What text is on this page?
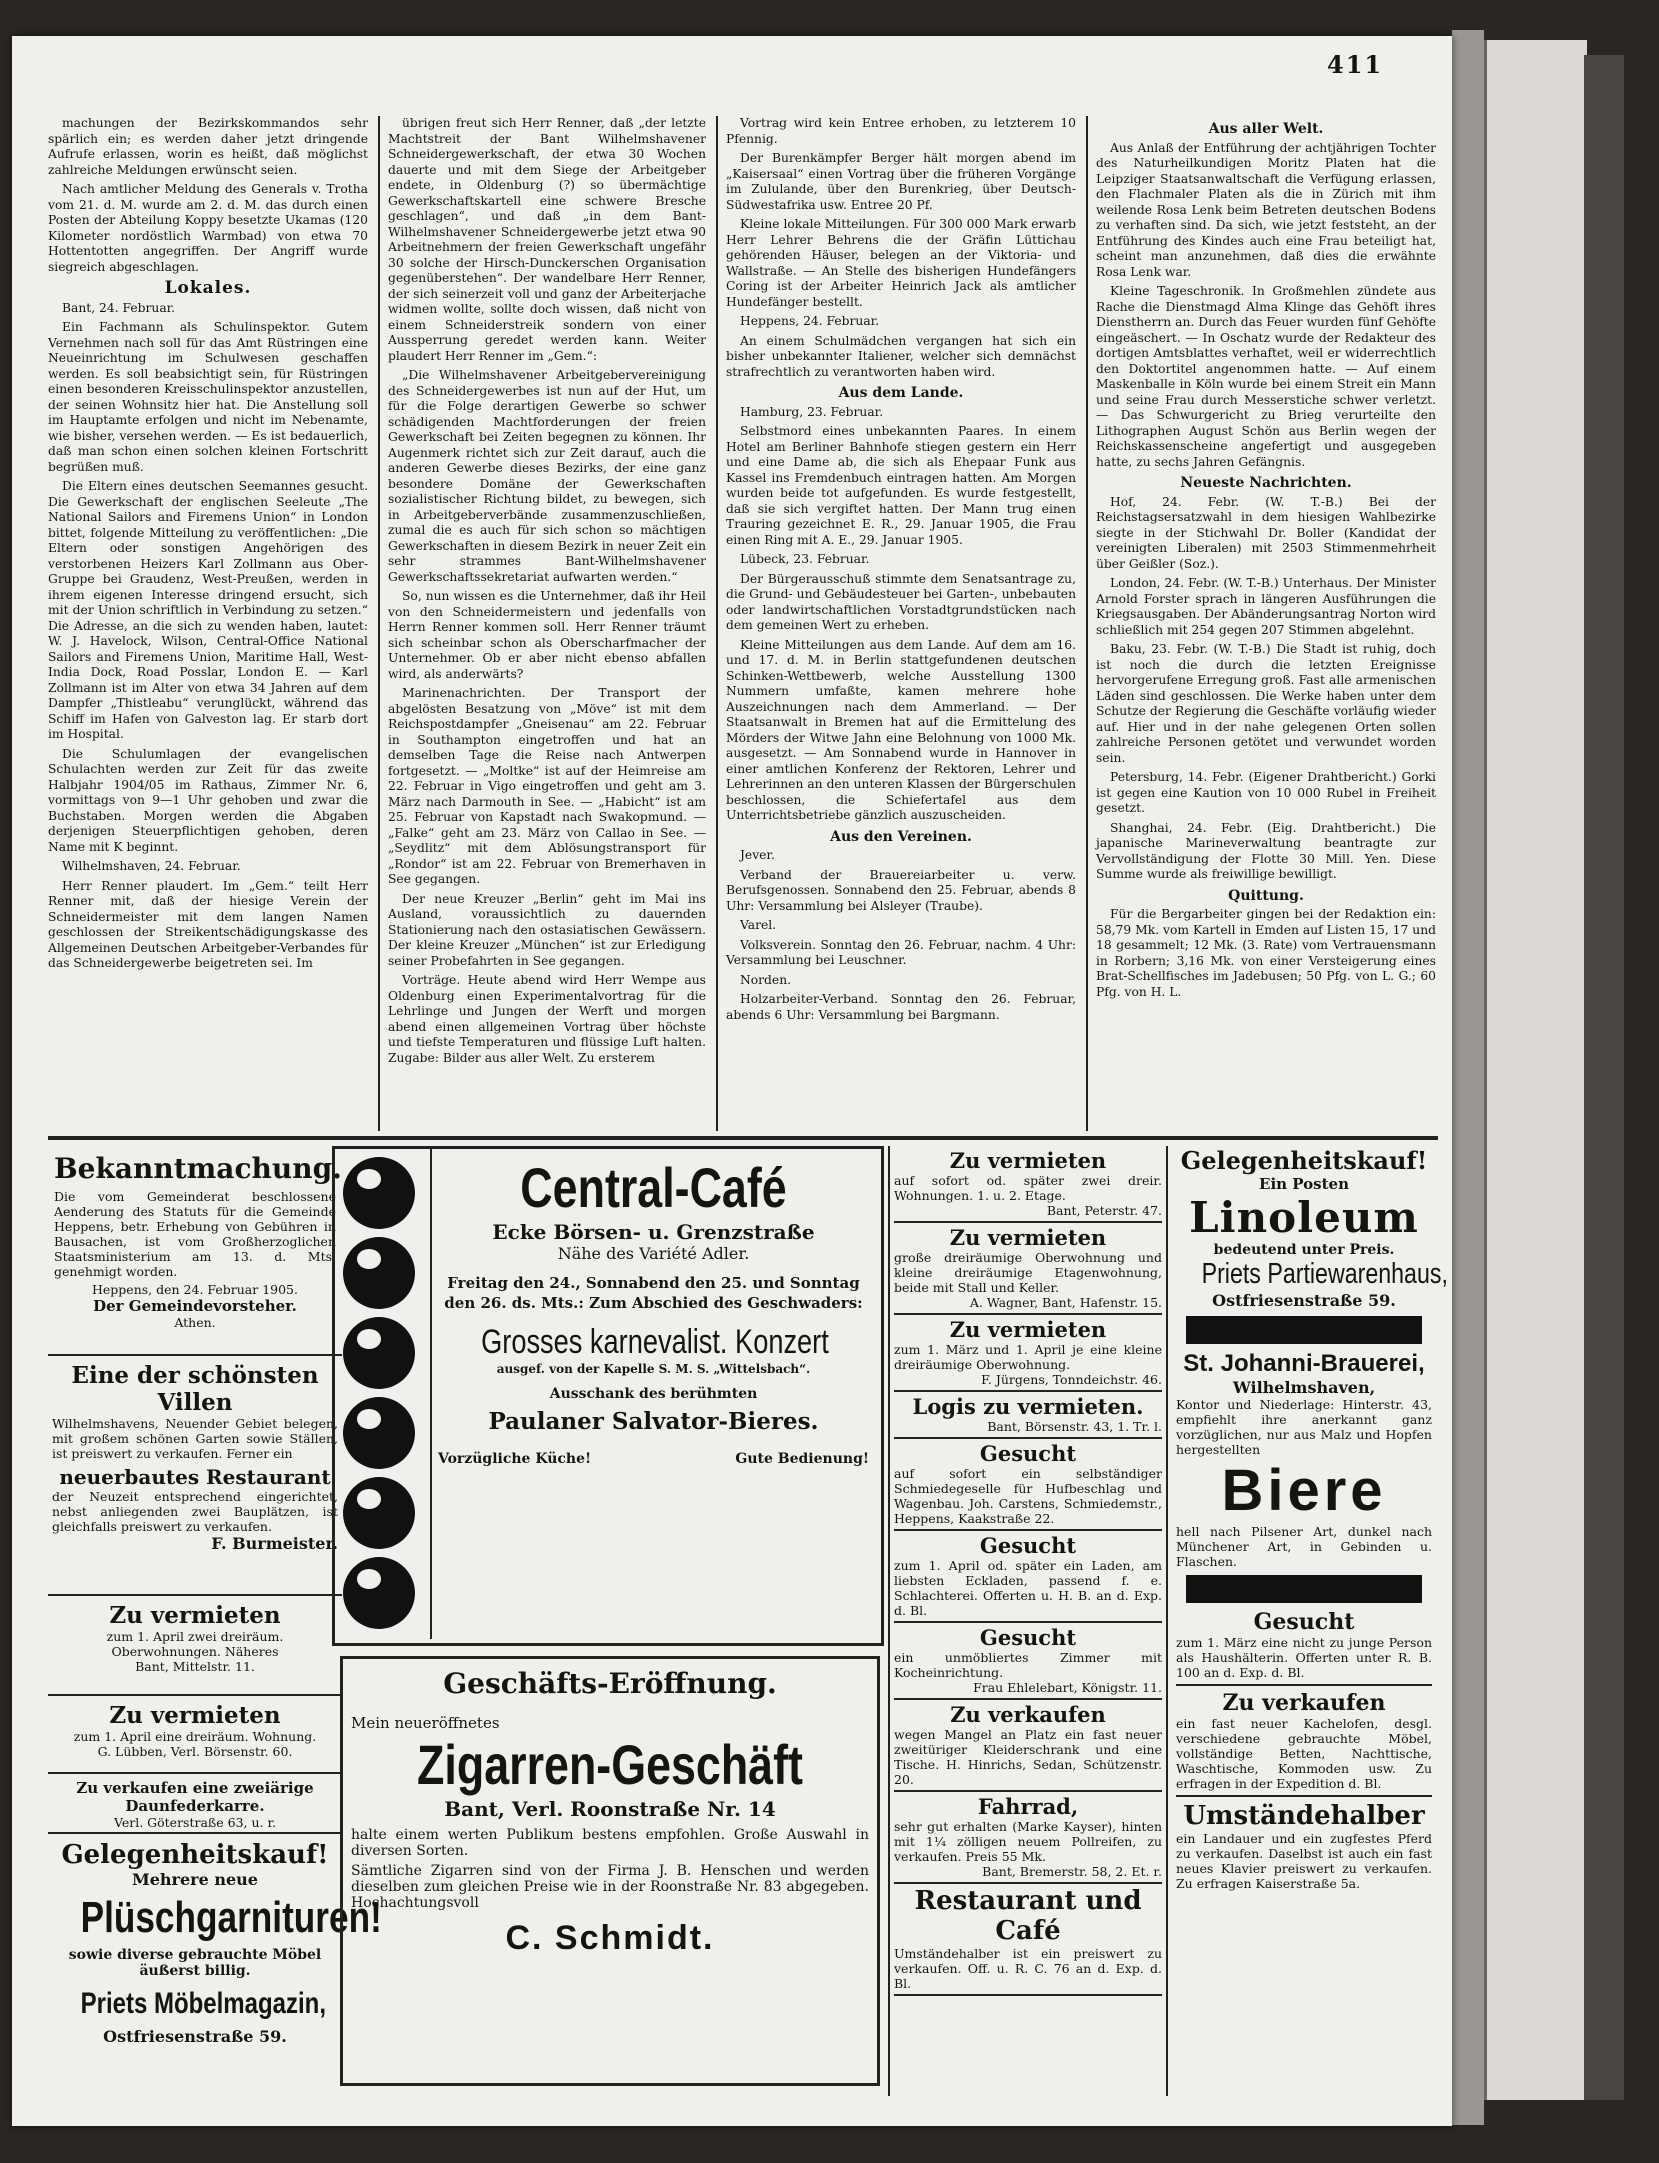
411

machungen der Bezirkskommandos sehr spärlich ein; es werden daher jetzt dringende Aufrufe erlassen, worin es heißt, daß möglichst zahlreiche Meldungen erwünscht seien.

Nach amtlicher Meldung des Generals v. Trotha vom 21. d. M. wurde am 2. d. M. das durch einen Posten der Abteilung Koppy besetzte Ukamas (120 Kilometer nordöstlich Warmbad) von etwa 70 Hottentotten angegriffen. Der Angriff wurde siegreich abgeschlagen.

Lokales.

Bant, 24. Februar.

Ein Fachmann als Schulinspektor. Gutem Vernehmen nach soll für das Amt Rüstringen eine Neueinrichtung im Schulwesen geschaffen werden. Es soll beabsichtigt sein, für Rüstringen einen besonderen Kreisschulinspektor anzustellen, der seinen Wohnsitz hier hat. Die Anstellung soll im Hauptamte erfolgen und nicht im Nebenamte, wie bisher, versehen werden. — Es ist bedauerlich, daß man schon einen solchen kleinen Fortschritt begrüßen muß.

Die Eltern eines deutschen Seemannes gesucht. Die Gewerkschaft der englischen Seeleute „The National Sailors and Firemens Union“ in London bittet, folgende Mitteilung zu veröffentlichen: „Die Eltern oder sonstigen Angehörigen des verstorbenen Heizers Karl Zollmann aus Ober-Gruppe bei Graudenz, West-Preußen, werden in ihrem eigenen Interesse dringend ersucht, sich mit der Union schriftlich in Verbindung zu setzen.“ Die Adresse, an die sich zu wenden haben, lautet: W. J. Havelock, Wilson, Central-Office National Sailors and Firemens Union, Maritime Hall, West-India Dock, Road Posslar, London E. — Karl Zollmann ist im Alter von etwa 34 Jahren auf dem Dampfer „Thistleabu“ verunglückt, während das Schiff im Hafen von Galveston lag. Er starb dort im Hospital.

Die Schulumlagen der evangelischen Schulachten werden zur Zeit für das zweite Halbjahr 1904/05 im Rathaus, Zimmer Nr. 6, vormittags von 9—1 Uhr gehoben und zwar die Buchstaben. Morgen werden die Abgaben derjenigen Steuerpflichtigen gehoben, deren Name mit K beginnt.

Wilhelmshaven, 24. Februar.

Herr Renner plaudert. Im „Gem.“ teilt Herr Renner mit, daß der hiesige Verein der Schneidermeister mit dem langen Namen geschlossen der Streikentschädigungskasse des Allgemeinen Deutschen Arbeitgeber-Verbandes für das Schneidergewerbe beigetreten sei. Im

übrigen freut sich Herr Renner, daß „der letzte Machtstreit der Bant Wilhelmshavener Schneidergewerkschaft, der etwa 30 Wochen dauerte und mit dem Siege der Arbeitgeber endete, in Oldenburg (?) so übermächtige Gewerkschaftskartell eine schwere Bresche geschlagen“, und daß „in dem Bant-Wilhelmshavener Schneidergewerbe jetzt etwa 90 Arbeitnehmern der freien Gewerkschaft ungefähr 30 solche der Hirsch-Dunckerschen Organisation gegenüberstehen“. Der wandelbare Herr Renner, der sich seinerzeit voll und ganz der Arbeiterjache widmen wollte, sollte doch wissen, daß nicht von einem Schneiderstreik sondern von einer Aussperrung geredet werden kann. Weiter plaudert Herr Renner im „Gem.“:

„Die Wilhelmshavener Arbeitgebervereinigung des Schneidergewerbes ist nun auf der Hut, um für die Folge derartigen Gewerbe so schwer schädigenden Machtforderungen der freien Gewerkschaft bei Zeiten begegnen zu können. Ihr Augenmerk richtet sich zur Zeit darauf, auch die anderen Gewerbe dieses Bezirks, der eine ganz besondere Domäne der Gewerkschaften sozialistischer Richtung bildet, zu bewegen, sich in Arbeitgeberverbände zusammenzuschließen, zumal die es auch für sich schon so mächtigen Gewerkschaften in diesem Bezirk in neuer Zeit ein sehr strammes Bant-Wilhelmshavener Gewerkschaftssekretariat aufwarten werden.“

So, nun wissen es die Unternehmer, daß ihr Heil von den Schneidermeistern und jedenfalls von Herrn Renner kommen soll. Herr Renner träumt sich scheinbar schon als Oberscharfmacher der Unternehmer. Ob er aber nicht ebenso abfallen wird, als anderwärts?

Marinenachrichten. Der Transport der abgelösten Besatzung von „Möve“ ist mit dem Reichspostdampfer „Gneisenau“ am 22. Februar in Southampton eingetroffen und hat an demselben Tage die Reise nach Antwerpen fortgesetzt. — „Moltke“ ist auf der Heimreise am 22. Februar in Vigo eingetroffen und geht am 3. März nach Darmouth in See. — „Habicht“ ist am 25. Februar von Kapstadt nach Swakopmund. — „Falke“ geht am 23. März von Callao in See. — „Seydlitz“ mit dem Ablösungstransport für „Rondor“ ist am 22. Februar von Bremerhaven in See gegangen.

Der neue Kreuzer „Berlin“ geht im Mai ins Ausland, voraussichtlich zu dauernden Stationierung nach den ostasiatischen Gewässern. Der kleine Kreuzer „München“ ist zur Erledigung seiner Probefahrten in See gegangen.

Vorträge. Heute abend wird Herr Wempe aus Oldenburg einen Experimentalvortrag für die Lehrlinge und Jungen der Werft und morgen abend einen allgemeinen Vortrag über höchste und tiefste Temperaturen und flüssige Luft halten. Zugabe: Bilder aus aller Welt. Zu ersterem

Vortrag wird kein Entree erhoben, zu letzterem 10 Pfennig.

Der Burenkämpfer Berger hält morgen abend im „Kaisersaal“ einen Vortrag über die früheren Vorgänge im Zululande, über den Burenkrieg, über Deutsch-Südwestafrika usw. Entree 20 Pf.

Kleine lokale Mitteilungen. Für 300 000 Mark erwarb Herr Lehrer Behrens die der Gräfin Lüttichau gehörenden Häuser, belegen an der Viktoria- und Wallstraße. — An Stelle des bisherigen Hundefängers Coring ist der Arbeiter Heinrich Jack als amtlicher Hundefänger bestellt.

Heppens, 24. Februar.

An einem Schulmädchen vergangen hat sich ein bisher unbekannter Italiener, welcher sich demnächst strafrechtlich zu verantworten haben wird.

Aus dem Lande.

Hamburg, 23. Februar.

Selbstmord eines unbekannten Paares. In einem Hotel am Berliner Bahnhofe stiegen gestern ein Herr und eine Dame ab, die sich als Ehepaar Funk aus Kassel ins Fremdenbuch eintragen hatten. Am Morgen wurden beide tot aufgefunden. Es wurde festgestellt, daß sie sich vergiftet hatten. Der Mann trug einen Trauring gezeichnet E. R., 29. Januar 1905, die Frau einen Ring mit A. E., 29. Januar 1905.

Lübeck, 23. Februar.

Der Bürgerausschuß stimmte dem Senatsantrage zu, die Grund- und Gebäudesteuer bei Garten-, unbebauten oder landwirtschaftlichen Vorstadtgrundstücken nach dem gemeinen Wert zu erheben.

Kleine Mitteilungen aus dem Lande. Auf dem am 16. und 17. d. M. in Berlin stattgefundenen deutschen Schinken-Wettbewerb, welche Ausstellung 1300 Nummern umfaßte, kamen mehrere hohe Auszeichnungen nach dem Ammerland. — Der Staatsanwalt in Bremen hat auf die Ermittelung des Mörders der Witwe Jahn eine Belohnung von 1000 Mk. ausgesetzt. — Am Sonnabend wurde in Hannover in einer amtlichen Konferenz der Rektoren, Lehrer und Lehrerinnen an den unteren Klassen der Bürgerschulen beschlossen, die Schiefertafel aus dem Unterrichtsbetriebe gänzlich auszuscheiden.

Aus den Vereinen.

Jever.

Verband der Brauereiarbeiter u. verw. Berufsgenossen. Sonnabend den 25. Februar, abends 8 Uhr: Versammlung bei Alsleyer (Traube).

Varel.

Volksverein. Sonntag den 26. Februar, nachm. 4 Uhr: Versammlung bei Leuschner.

Norden.

Holzarbeiter-Verband. Sonntag den 26. Februar, abends 6 Uhr: Versammlung bei Bargmann.

Aus aller Welt.

Aus Anlaß der Entführung der achtjährigen Tochter des Naturheilkundigen Moritz Platen hat die Leipziger Staatsanwaltschaft die Verfügung erlassen, den Flachmaler Platen als die in Zürich mit ihm weilende Rosa Lenk beim Betreten deutschen Bodens zu verhaften sind. Da sich, wie jetzt feststeht, an der Entführung des Kindes auch eine Frau beteiligt hat, scheint man anzunehmen, daß dies die erwähnte Rosa Lenk war.

Kleine Tageschronik. In Großmehlen zündete aus Rache die Dienstmagd Alma Klinge das Gehöft ihres Dienstherrn an. Durch das Feuer wurden fünf Gehöfte eingeäschert. — In Oschatz wurde der Redakteur des dortigen Amtsblattes verhaftet, weil er widerrechtlich den Doktortitel angenommen hatte. — Auf einem Maskenballe in Köln wurde bei einem Streit ein Mann und seine Frau durch Messerstiche schwer verletzt. — Das Schwurgericht zu Brieg verurteilte den Lithographen August Schön aus Berlin wegen der Reichskassenscheine angefertigt und ausgegeben hatte, zu sechs Jahren Gefängnis.

Neueste Nachrichten.

Hof, 24. Febr. (W. T.-B.) Bei der Reichstagsersatzwahl in dem hiesigen Wahlbezirke siegte in der Stichwahl Dr. Boller (Kandidat der vereinigten Liberalen) mit 2503 Stimmenmehrheit über Geißler (Soz.).

London, 24. Febr. (W. T.-B.) Unterhaus. Der Minister Arnold Forster sprach in längeren Ausführungen die Kriegsausgaben. Der Abänderungsantrag Norton wird schließlich mit 254 gegen 207 Stimmen abgelehnt.

Baku, 23. Febr. (W. T.-B.) Die Stadt ist ruhig, doch ist noch die durch die letzten Ereignisse hervorgerufene Erregung groß. Fast alle armenischen Läden sind geschlossen. Die Werke haben unter dem Schutze der Regierung die Geschäfte vorläufig wieder auf. Hier und in der nahe gelegenen Orten sollen zahlreiche Personen getötet und verwundet worden sein.

Petersburg, 14. Febr. (Eigener Drahtbericht.) Gorki ist gegen eine Kaution von 10 000 Rubel in Freiheit gesetzt.

Shanghai, 24. Febr. (Eig. Drahtbericht.) Die japanische Marineverwaltung beantragte zur Vervollständigung der Flotte 30 Mill. Yen. Diese Summe wurde als freiwillige bewilligt.

Quittung.

Für die Bergarbeiter gingen bei der Redaktion ein: 58,79 Mk. vom Kartell in Emden auf Listen 15, 17 und 18 gesammelt; 12 Mk. (3. Rate) vom Vertrauensmann in Rorbern; 3,16 Mk. von einer Versteigerung eines Brat-Schellfisches im Jadebusen; 50 Pfg. von L. G.; 60 Pfg. von H. L.

Bekanntmachung.
Die vom Gemeinderat beschlossene Aenderung des Statuts für die Gemeinde Heppens, betr. Erhebung von Gebühren in Bausachen, ist vom Großherzoglichen Staatsministerium am 13. d. Mts. genehmigt worden.
Heppens, den 24. Februar 1905.
Der Gemeindevorsteher.
Athen.
Eine der schönsten Villen
Wilhelmshavens, Neuender Gebiet belegen, mit großem schönen Garten sowie Ställen, ist preiswert zu verkaufen. Ferner ein
neuerbautes Restaurant
der Neuzeit entsprechend eingerichtet, nebst anliegenden zwei Bauplätzen, ist gleichfalls preiswert zu verkaufen.
F. Burmeister.
Zu vermieten
zum 1. April zwei dreiräum. Oberwohnungen. Näheres
Bant, Mittelstr. 11.
Zu vermieten
zum 1. April eine dreiräum. Wohnung.
G. Lübben, Verl. Börsenstr. 60.
Zu verkaufen eine zweiärige Daunfederkarre.
Verl. Göterstraße 63, u. r.
Gelegenheitskauf!
Mehrere neue
Plüschgarnituren!
sowie diverse gebrauchte Möbel äußerst billig.
Priets Möbelmagazin,
Ostfriesenstraße 59.
Central-Café
Ecke Börsen- u. Grenzstraße
Nähe des Variété Adler.
Freitag den 24., Sonnabend den 25. und Sonntag den 26. ds. Mts.: Zum Abschied des Geschwaders:
Grosses karnevalist. Konzert
ausgef. von der Kapelle S. M. S. „Wittelsbach“.
Ausschank des berühmten
Paulaner Salvator-Bieres.
Vorzügliche Küche!	Gute Bedienung!
Geschäfts-Eröffnung.
Mein neueröffnetes
Zigarren-Geschäft
Bant, Verl. Roonstraße Nr. 14
halte einem werten Publikum bestens empfohlen. Große Auswahl in diversen Sorten.
Sämtliche Zigarren sind von der Firma J. B. Henschen und werden dieselben zum gleichen Preise wie in der Roonstraße Nr. 83 abgegeben. Hochachtungsvoll
C. Schmidt.
Zu vermieten
auf sofort od. später zwei dreir. Wohnungen. 1. u. 2. Etage.
Bant, Peterstr. 47.
Zu vermieten
große dreiräumige Oberwohnung und kleine dreiräumige Etagenwohnung, beide mit Stall und Keller.
A. Wagner, Bant, Hafenstr. 15.
Zu vermieten
zum 1. März und 1. April je eine kleine dreiräumige Oberwohnung.
F. Jürgens, Tonndeichstr. 46.
Logis zu vermieten.
Bant, Börsenstr. 43, 1. Tr. l.
Gesucht
auf sofort ein selbständiger Schmiedegeselle für Hufbeschlag und Wagenbau. Joh. Carstens, Schmiedemstr., Heppens, Kaakstraße 22.
Gesucht
zum 1. April od. später ein Laden, am liebsten Eckladen, passend f. e. Schlachterei. Offerten u. H. B. an d. Exp. d. Bl.
Gesucht
ein unmöbliertes Zimmer mit Kocheinrichtung.
Frau Ehlelebart, Königstr. 11.
Zu verkaufen
wegen Mangel an Platz ein fast neuer zweitüriger Kleiderschrank und eine Tische. H. Hinrichs, Sedan, Schützenstr. 20.
Fahrrad,
sehr gut erhalten (Marke Kayser), hinten mit 1¼ zölligen neuem Pollreifen, zu verkaufen. Preis 55 Mk.
Bant, Bremerstr. 58, 2. Et. r.
Restaurant und Café
Umständehalber ist ein preiswert zu verkaufen. Off. u. R. C. 76 an d. Exp. d. Bl.
Gelegenheitskauf!
Ein Posten
Linoleum
bedeutend unter Preis.
Priets Partiewarenhaus,
Ostfriesenstraße 59.
St. Johanni-Brauerei,
Wilhelmshaven,
Kontor und Niederlage: Hinterstr. 43, empfiehlt ihre anerkannt ganz vorzüglichen, nur aus Malz und Hopfen hergestellten
Biere
hell nach Pilsener Art, dunkel nach Münchener Art, in Gebinden u. Flaschen.
Gesucht
zum 1. März eine nicht zu junge Person als Haushälterin. Offerten unter R. B. 100 an d. Exp. d. Bl.
Zu verkaufen
ein fast neuer Kachelofen, desgl. verschiedene gebrauchte Möbel, vollständige Betten, Nachttische, Waschtische, Kommoden usw. Zu erfragen in der Expedition d. Bl.
Umständehalber
ein Landauer und ein zugfestes Pferd zu verkaufen. Daselbst ist auch ein fast neues Klavier preiswert zu verkaufen. Zu erfragen Kaiserstraße 5a.
